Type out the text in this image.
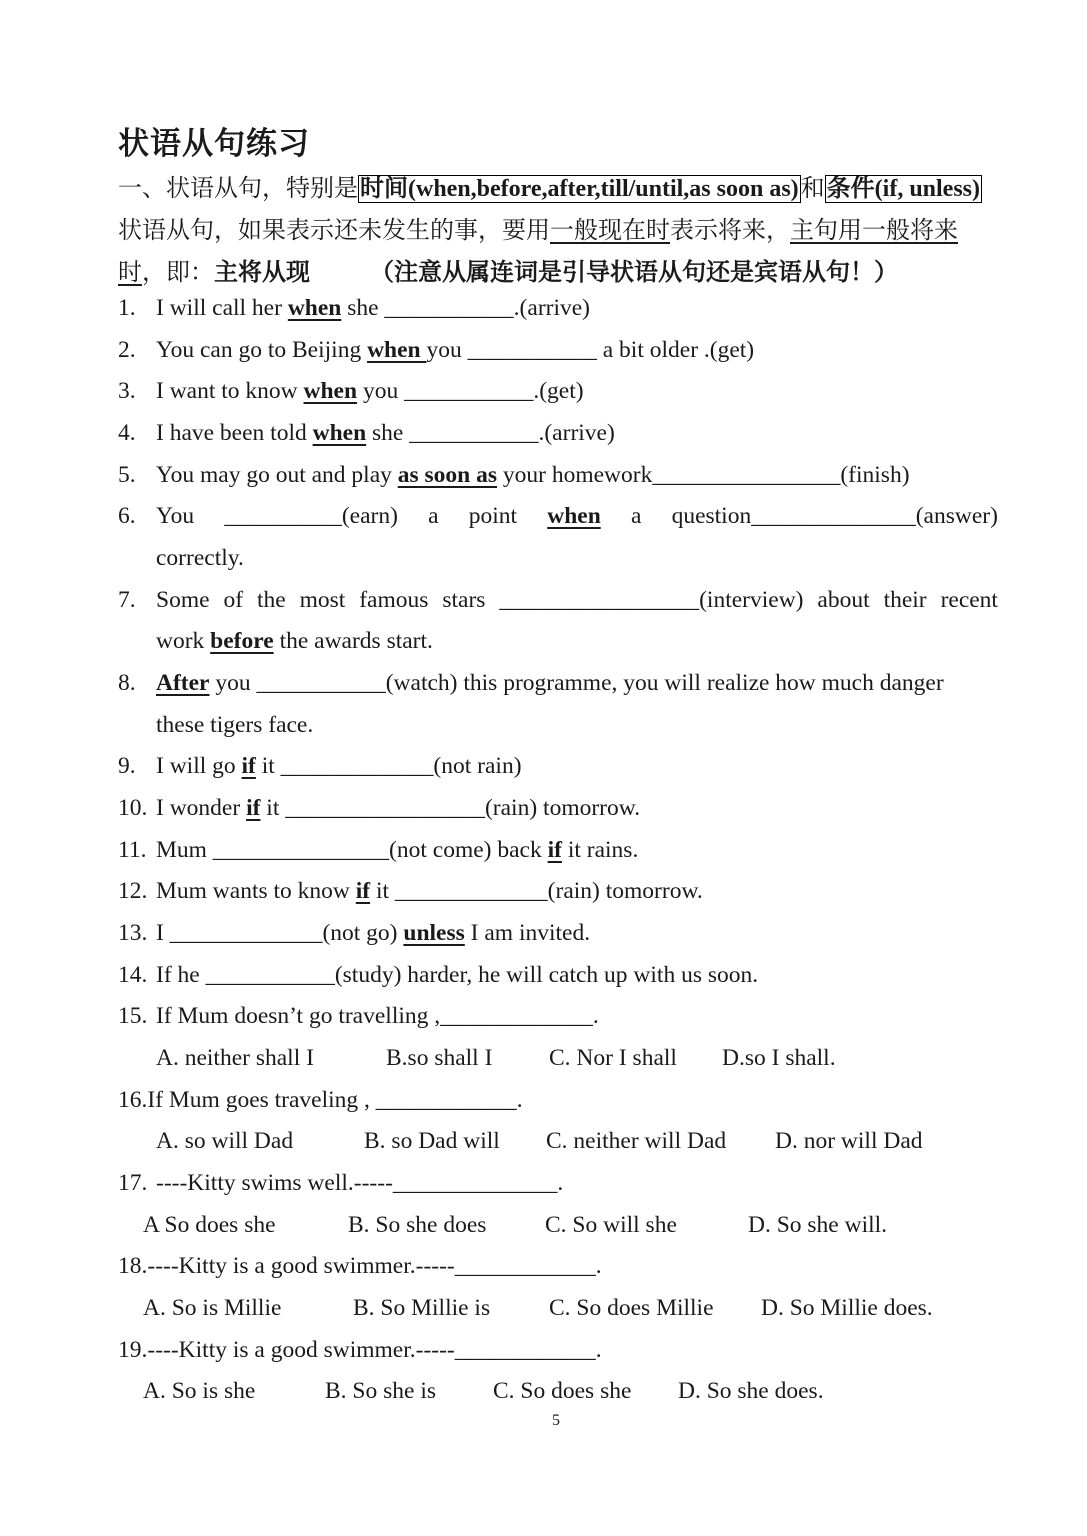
状语从句练习
一、状语从句，特别是时间(when,before,after,till/until,as soon as)和条件(if, unless)
状语从句，如果表示还未发生的事，要用一般现在时表示将来，主句用一般将来
时，即：主将从现	（注意从属连词是引导状语从句还是宾语从句！）
1. I will call her when she ___________.(arrive)
2. You can go to Beijing when you ___________ a bit older .(get)
3. I want to know when you ___________.(get)
4. I have been told when she ___________.(arrive)
5. You may go out and play as soon as your homework________________(finish)
6. You __________(earn) a point when a question______________(answer)
correctly.
7. Some of the most famous stars _________________(interview) about their recent
work before the awards start.
8. After you ___________(watch) this programme, you will realize how much danger
these tigers face.
9. I will go if it _____________(not rain)
10. I wonder if it _________________(rain) tomorrow.
11. Mum _______________(not come) back if it rains.
12. Mum wants to know if it _____________(rain) tomorrow.
13. I _____________(not go) unless I am invited.
14. If he ___________(study) harder, he will catch up with us soon.
15. If Mum doesn’t go travelling ,_____________.
A. neither shall I	B.so shall I C. Nor I shall D.so I shall.
16.If Mum goes traveling , ____________.
A. so will Dad	B. so Dad will C. neither will Dad D. nor will Dad
17. ----Kitty swims well.-----______________.
A So does she	B. So she does C. So will she	D. So she will.
18.----Kitty is a good swimmer.-----____________.
A. So is Millie	B. So Millie is	C. So does Millie D. So Millie does.
19.----Kitty is a good swimmer.-----____________.
A. So is she	B. So she is C. So does she D. So she does.
5
